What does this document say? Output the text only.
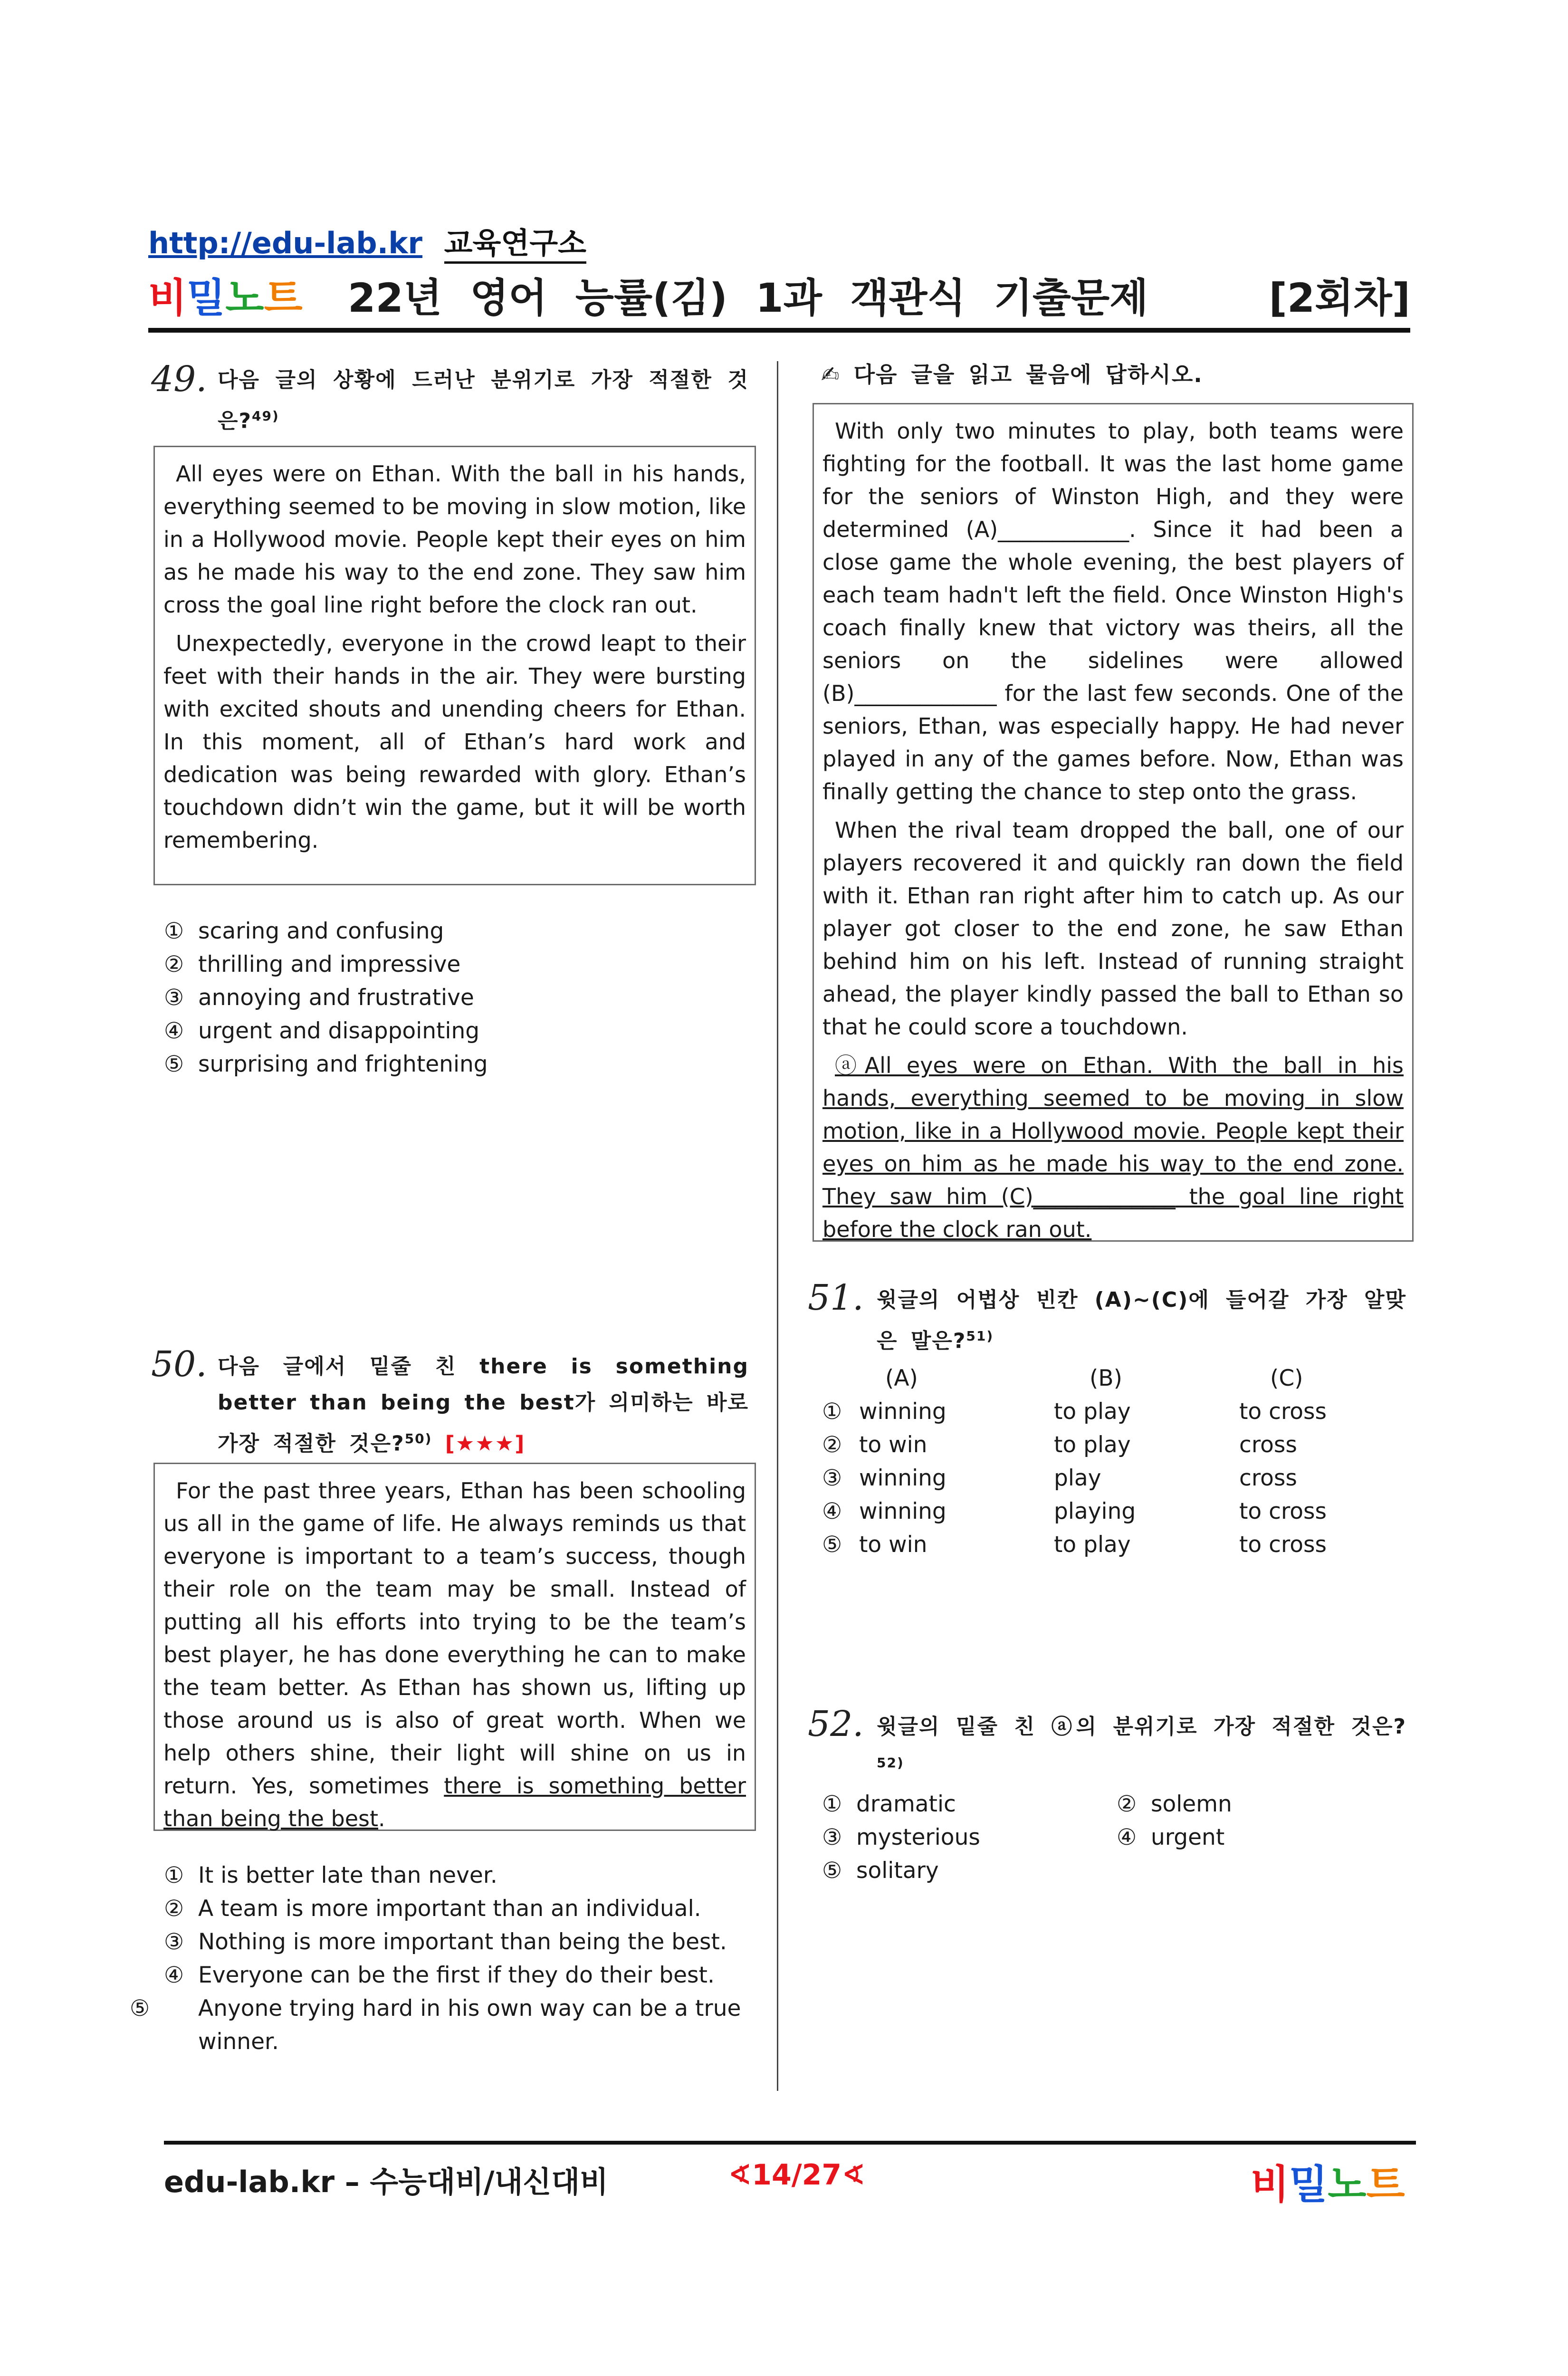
http://edu-lab.kr 교육연구소
비밀노트 22년 영어 능률(김) 1과 객관식 기출문제	[2회차]
49. 다음 글의 상황에 드러난 분위기로 가장 적절한 것은?$^{49)}$

All eyes were on Ethan. With the ball in his hands, everything seemed to be moving in slow motion, like in a Hollywood movie. People kept their eyes on him as he made his way to the end zone. They saw him cross the goal line right before the clock ran out.

Unexpectedly, everyone in the crowd leapt to their feet with their hands in the air. They were bursting with excited shouts and unending cheers for Ethan. In this moment, all of Ethan’s hard work and dedication was being rewarded with glory. Ethan’s touchdown didn’t win the game, but it will be worth remembering.

① scaring and confusing
② thrilling and impressive
③ annoying and frustrative
④ urgent and disappointing
⑤ surprising and frightening
50. 다음 글에서 밑줄 친 there is something better than being the best가 의미하는 바로 가장 적절한 것은?$^{50)}$ [★★★]

For the past three years, Ethan has been schooling us all in the game of life. He always reminds us that everyone is important to a team’s success, though their role on the team may be small. Instead of putting all his efforts into trying to be the team’s best player, he has done everything he can to make the team better. As Ethan has shown us, lifting up those around us is also of great worth. When we help others shine, their light will shine on us in return. Yes, sometimes there is something better than being the best.

① It is better late than never.
② A team is more important than an individual.
③ Nothing is more important than being the best.
④ Everyone can be the first if they do their best.
⑤ Anyone trying hard in his own way can be a true winner.
✍ 다음 글을 읽고 물음에 답하시오.

With only two minutes to play, both teams were fighting for the football. It was the last home game for the seniors of Winston High, and they were determined (A)____________. Since it had been a close game the whole evening, the best players of each team hadn't left the field. Once Winston High's coach finally knew that victory was theirs, all the seniors on the sidelines were allowed (B)_____________ for the last few seconds. One of the seniors, Ethan, was especially happy. He had never played in any of the games before. Now, Ethan was finally getting the chance to step onto the grass.

When the rival team dropped the ball, one of our players recovered it and quickly ran down the field with it. Ethan ran right after him to catch up. As our player got closer to the end zone, he saw Ethan behind him on his left. Instead of running straight ahead, the player kindly passed the ball to Ethan so that he could score a touchdown.

ⓐAll eyes were on Ethan. With the ball in his hands, everything seemed to be moving in slow motion, like in a Hollywood movie. People kept their eyes on him as he made his way to the end zone. They saw him (C)_____________ the goal line right before the clock ran out.

51. 윗글의 어법상 빈칸 (A)~(C)에 들어갈 가장 알맞은 말은?$^{51)}$
(A)	(B)	(C)
① winning	to play	to cross
② to win	to play	cross
③ winning	play	cross
④ winning	playing	to cross
⑤ to win	to play	to cross
52. 윗글의 밑줄 친 ⓐ의 분위기로 가장 적절한 것은?$^{52)}$
① dramatic	② solemn
③ mysterious	④ urgent
⑤ solitary
edu-lab.kr – 수능대비/내신대비	∢14/27∢	비밀노트
